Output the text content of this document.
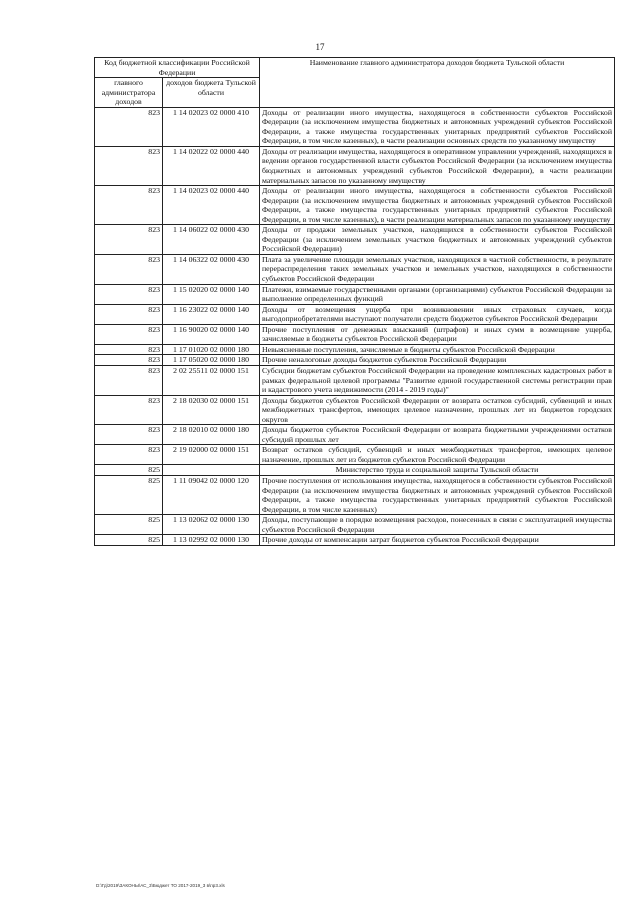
17
Код бюджетной классификации Российской Федерации		Наименование главного администратора доходов бюджета Тульской области
главного администратора доходов	доходов бюджета Тульской области	
823	1 14 02023 02 0000 410	Доходы от реализации иного имущества, находящегося в собственности субъектов Российской Федерации (за исключением имущества бюджетных и автономных учреждений субъектов Российской Федерации, а также имущества государственных унитарных предприятий субъектов Российской Федерации, в том числе казенных), в части реализации основных средств по указанному имуществу
823	1 14 02022 02 0000 440	Доходы от реализации имущества, находящегося в оперативном управлении учреждений, находящихся в ведении органов государственной власти субъектов Российской Федерации (за исключением имущества бюджетных и автономных учреждений субъектов Российской Федерации), в части реализации материальных запасов по указанному имуществу
823	1 14 02023 02 0000 440	Доходы от реализации иного имущества, находящегося в собственности субъектов Российской Федерации (за исключением имущества бюджетных и автономных учреждений субъектов Российской Федерации, а также имущества государственных унитарных предприятий субъектов Российской Федерации, в том числе казенных), в части реализации материальных запасов по указанному имуществу
823	1 14 06022 02 0000 430	Доходы от продажи земельных участков, находящихся в собственности субъектов Российской Федерации (за исключением земельных участков бюджетных и автономных учреждений субъектов Российской Федерации)
823	1 14 06322 02 0000 430	Плата за увеличение площади земельных участков, находящихся в частной собственности, в результате перераспределения таких земельных участков и земельных участков, находящихся в собственности субъектов Российской Федерации
823	1 15 02020 02 0000 140	Платежи, взимаемые государственными органами (организациями) субъектов Российской Федерации за выполнение определенных функций
823	1 16 23022 02 0000 140	Доходы от возмещения ущерба при возникновении иных страховых случаев, когда выгодоприобретателями выступают получатели средств бюджетов субъектов Российской Федерации
823	1 16 90020 02 0000 140	Прочие поступления от денежных взысканий (штрафов) и иных сумм в возмещение ущерба, зачисляемые в бюджеты субъектов Российской Федерации
823	1 17 01020 02 0000 180	Невыясненные поступления, зачисляемые в бюджеты субъектов Российской Федерации
823	1 17 05020 02 0000 180	Прочие неналоговые доходы бюджетов субъектов Российской Федерации
823	2 02 25511 02 0000 151	Субсидии бюджетам субъектов Российской Федерации на проведение комплексных кадастровых работ в рамках федеральной целевой программы "Развитие единой государственной системы регистрации прав и кадастрового учета недвижимости (2014 - 2019 годы)"
823	2 18 02030 02 0000 151	Доходы бюджетов субъектов Российской Федерации от возврата остатков субсидий, субвенций и иных межбюджетных трансфертов, имеющих целевое назначение, прошлых лет из бюджетов городских округов
823	2 18 02010 02 0000 180	Доходы бюджетов субъектов Российской Федерации от возврата бюджетными учреждениями остатков субсидий прошлых лет
823	2 19 02000 02 0000 151	Возврат остатков субсидий, субвенций и иных межбюджетных трансфертов, имеющих целевое назначение, прошлых лет из бюджетов субъектов Российской Федерации
825		Министерство труда и социальной защиты Тульской области
825	1 11 09042 02 0000 120	Прочие поступления от использования имущества, находящегося в собственности субъектов Российской Федерации (за исключением имущества бюджетных и автономных учреждений субъектов Российской Федерации, а также имущества государственных унитарных предприятий субъектов Российской Федерации, в том числе казенных)
825	1 13 02062 02 0000 130	Доходы, поступающие в порядке возмещения расходов, понесенных в связи с эксплуатацией имущества субъектов Российской Федерации
825	1 13 02992 02 0000 130	Прочие доходы от компенсации затрат бюджетов субъектов Российской Федерации
D:\Гд\2019\ЗАКОНЫ\АС_3\Бюджет ТО 2017-2019_3 в\пр3.xls
